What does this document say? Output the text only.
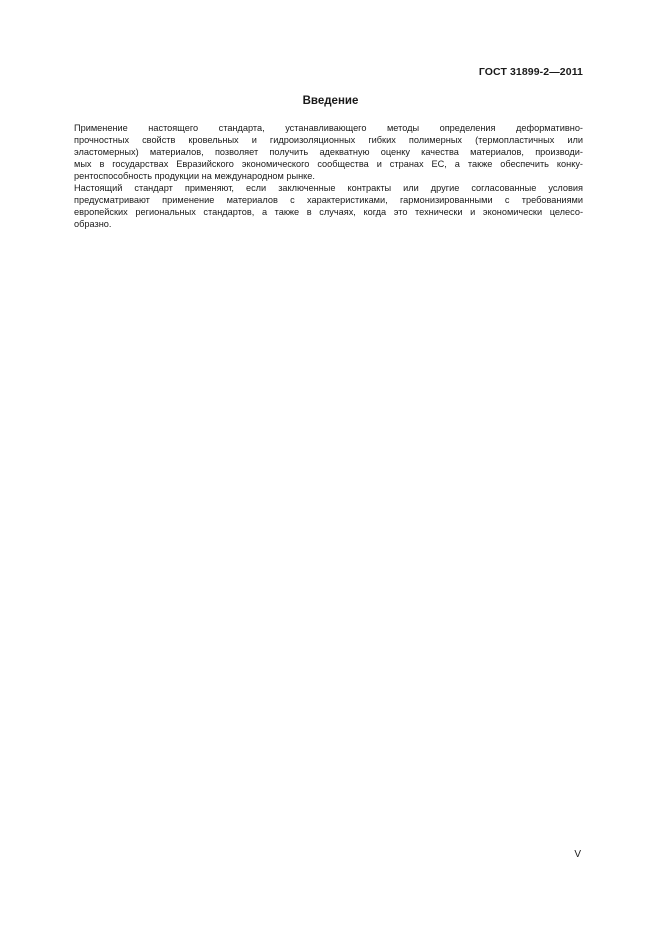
ГОСТ 31899-2—2011
Введение
Применение настоящего стандарта, устанавливающего методы определения деформативно-
прочностных свойств кровельных и гидроизоляционных гибких полимерных (термопластичных или
эластомерных) материалов, позволяет получить адекватную оценку качества материалов, производи-
мых в государствах Евразийского экономического сообщества и странах ЕС, а также обеспечить конку-
рентоспособность продукции на международном рынке.
Настоящий стандарт применяют, если заключенные контракты или другие согласованные условия
предусматривают применение материалов с характеристиками, гармонизированными с требованиями
европейских региональных стандартов, а также в случаях, когда это технически и экономически целесо-
образно.
V
